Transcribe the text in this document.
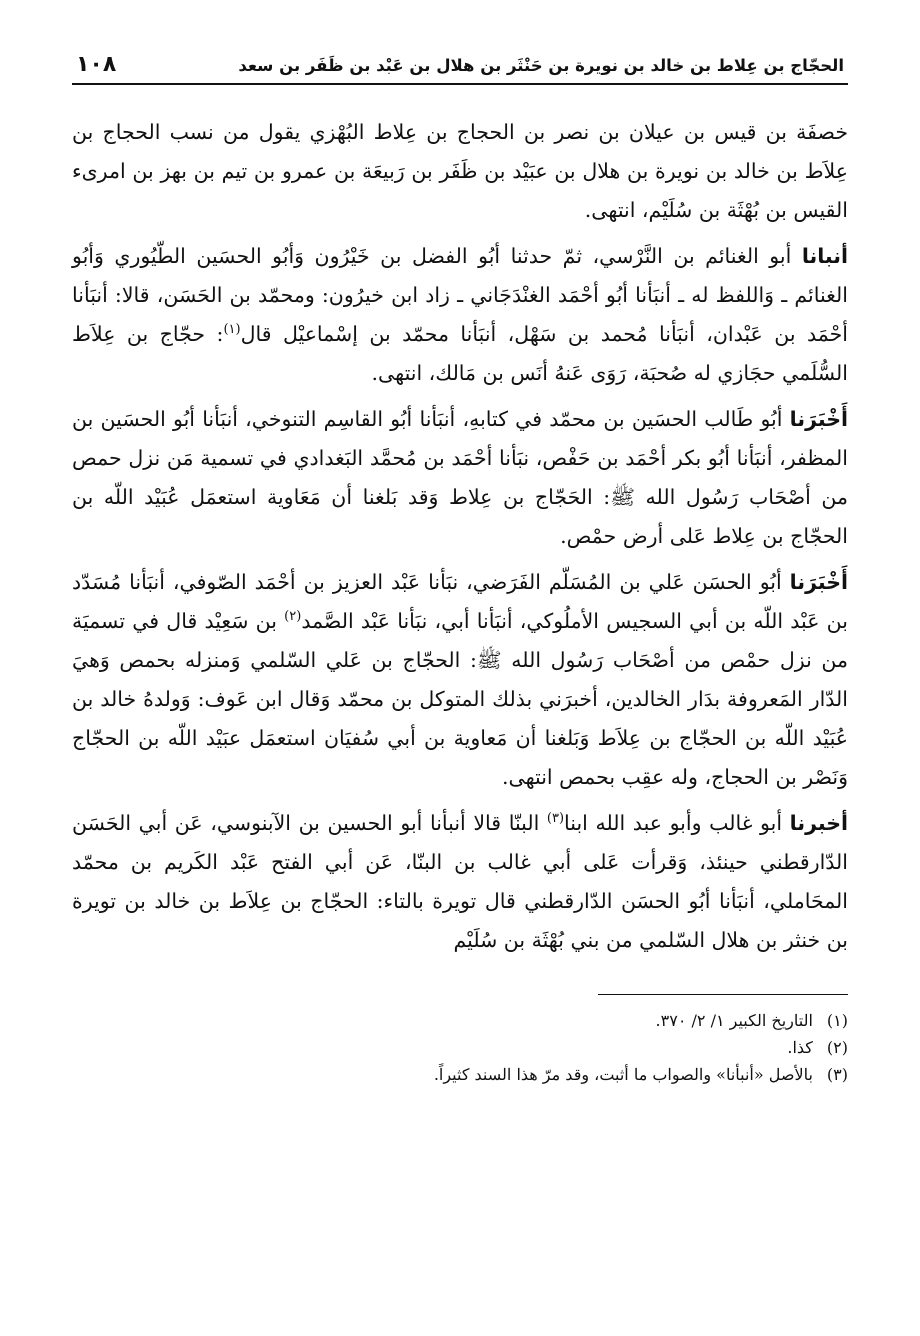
الحجّاج بن عِلاط بن خالد بن نويرة بن حَنْثَر بن هلال بن عَبْد بن ظَفَر بن سعد
١٠٨

خصفَة بن قيس بن عيلان بن نصر بن الحجاج بن عِلاط البُهْزي يقول من نسب الحجاج بن عِلاَط بن خالد بن نويرة بن هلال بن عبَيْد بن ظَفَر بن رَبيعَة بن عمرو بن تيم بن بهز بن امرىء القيس بن بُهْثَة بن سُلَيْم، انتهى.

أنبانا أبو الغنائم بن النَّرْسي، ثمّ حدثنا أبُو الفضل بن خَيْرُون وَأبُو الحسَين الطّيُوري وَأبُو الغنائم ـ وَاللفظ له ـ أنبَأنا أبُو أحْمَد الغنْدَجَاني ـ زاد ابن خيرُون: ومحمّد بن الحَسَن، قالا: أنبَأنا أحْمَد بن عَبْدان، أنبَأنا مُحمد بن سَهْل، أنبَأنا محمّد بن إسْماعيْل قال$^{(١)}$: حجّاج بن عِلاَط السُّلَمي حجَازي له صُحبَة، رَوَى عَنهُ أنَس بن مَالك، انتهى.

أَخْبَرَنا أبُو طَالب الحسَين بن محمّد في كتابهِ، أنبَأنا أبُو القاسِم التنوخي، أنبَأنا أبُو الحسَين بن المظفر، أنبَأنا أبُو بكر أحْمَد بن حَفْص، نبَأنا أحْمَد بن مُحمَّد البَغدادي في تسمية مَن نزل حمص من أصْحَاب رَسُول الله ﷺ: الحَجّاج بن عِلاط وَقد بَلغنا أن مَعَاوية استعمَل عُبَيْد اللّه بن الحجّاج بن عِلاط عَلى أرض حمْص.

أَخْبَرَنا أبُو الحسَن عَلي بن المُسَلّم الفَرَضي، نبَأنا عَبْد العزيز بن أحْمَد الصّوفي، أنبَأنا مُسَدّد بن عَبْد اللّه بن أبي السجيس الأملُوكي، أنبَأنا أبي، نبَأنا عَبْد الصَّمد$^{(٢)}$ بن سَعِيْد قال في تسميَة من نزل حمْص من أصْحَاب رَسُول الله ﷺ: الحجّاج بن عَلي السّلمي وَمنزله بحمص وَهيَ الدّار المَعروفة بدَار الخالدين، أخبرَني بذلك المتوكل بن محمّد وَقال ابن عَوف: وَولدهُ خالد بن عُبَيْد اللّه بن الحجّاج بن عِلاَط وَبَلغنا أن مَعاوية بن أبي سُفيَان استعمَل عبَيْد اللّه بن الحجّاج وَنَصْر بن الحجاج، وله عقِب بحمص انتهى.

أخبرنا أبو غالب وأبو عبد الله ابنا$^{(٣)}$ البنّا قالا أنبأنا أبو الحسين بن الآبنوسي، عَن أبي الحَسَن الدّارقطني حينئذ، وَقرأت عَلى أبي غالب بن البنّا، عَن أبي الفتح عَبْد الكَريم بن محمّد المحَاملي، أنبَأنا أبُو الحسَن الدّارقطني قال تويرة بالتاء: الحجّاج بن عِلاَط بن خالد بن تويرة بن خنثر بن هلال السّلمي من بني بُهْثَة بن سُلَيْم

(١) التاريخ الكبير ١/ ٢/ ٣٧٠.

(٢) كذا.

(٣) بالأصل «أنبأنا» والصواب ما أثبت، وقد مرّ هذا السند كثيراً.
